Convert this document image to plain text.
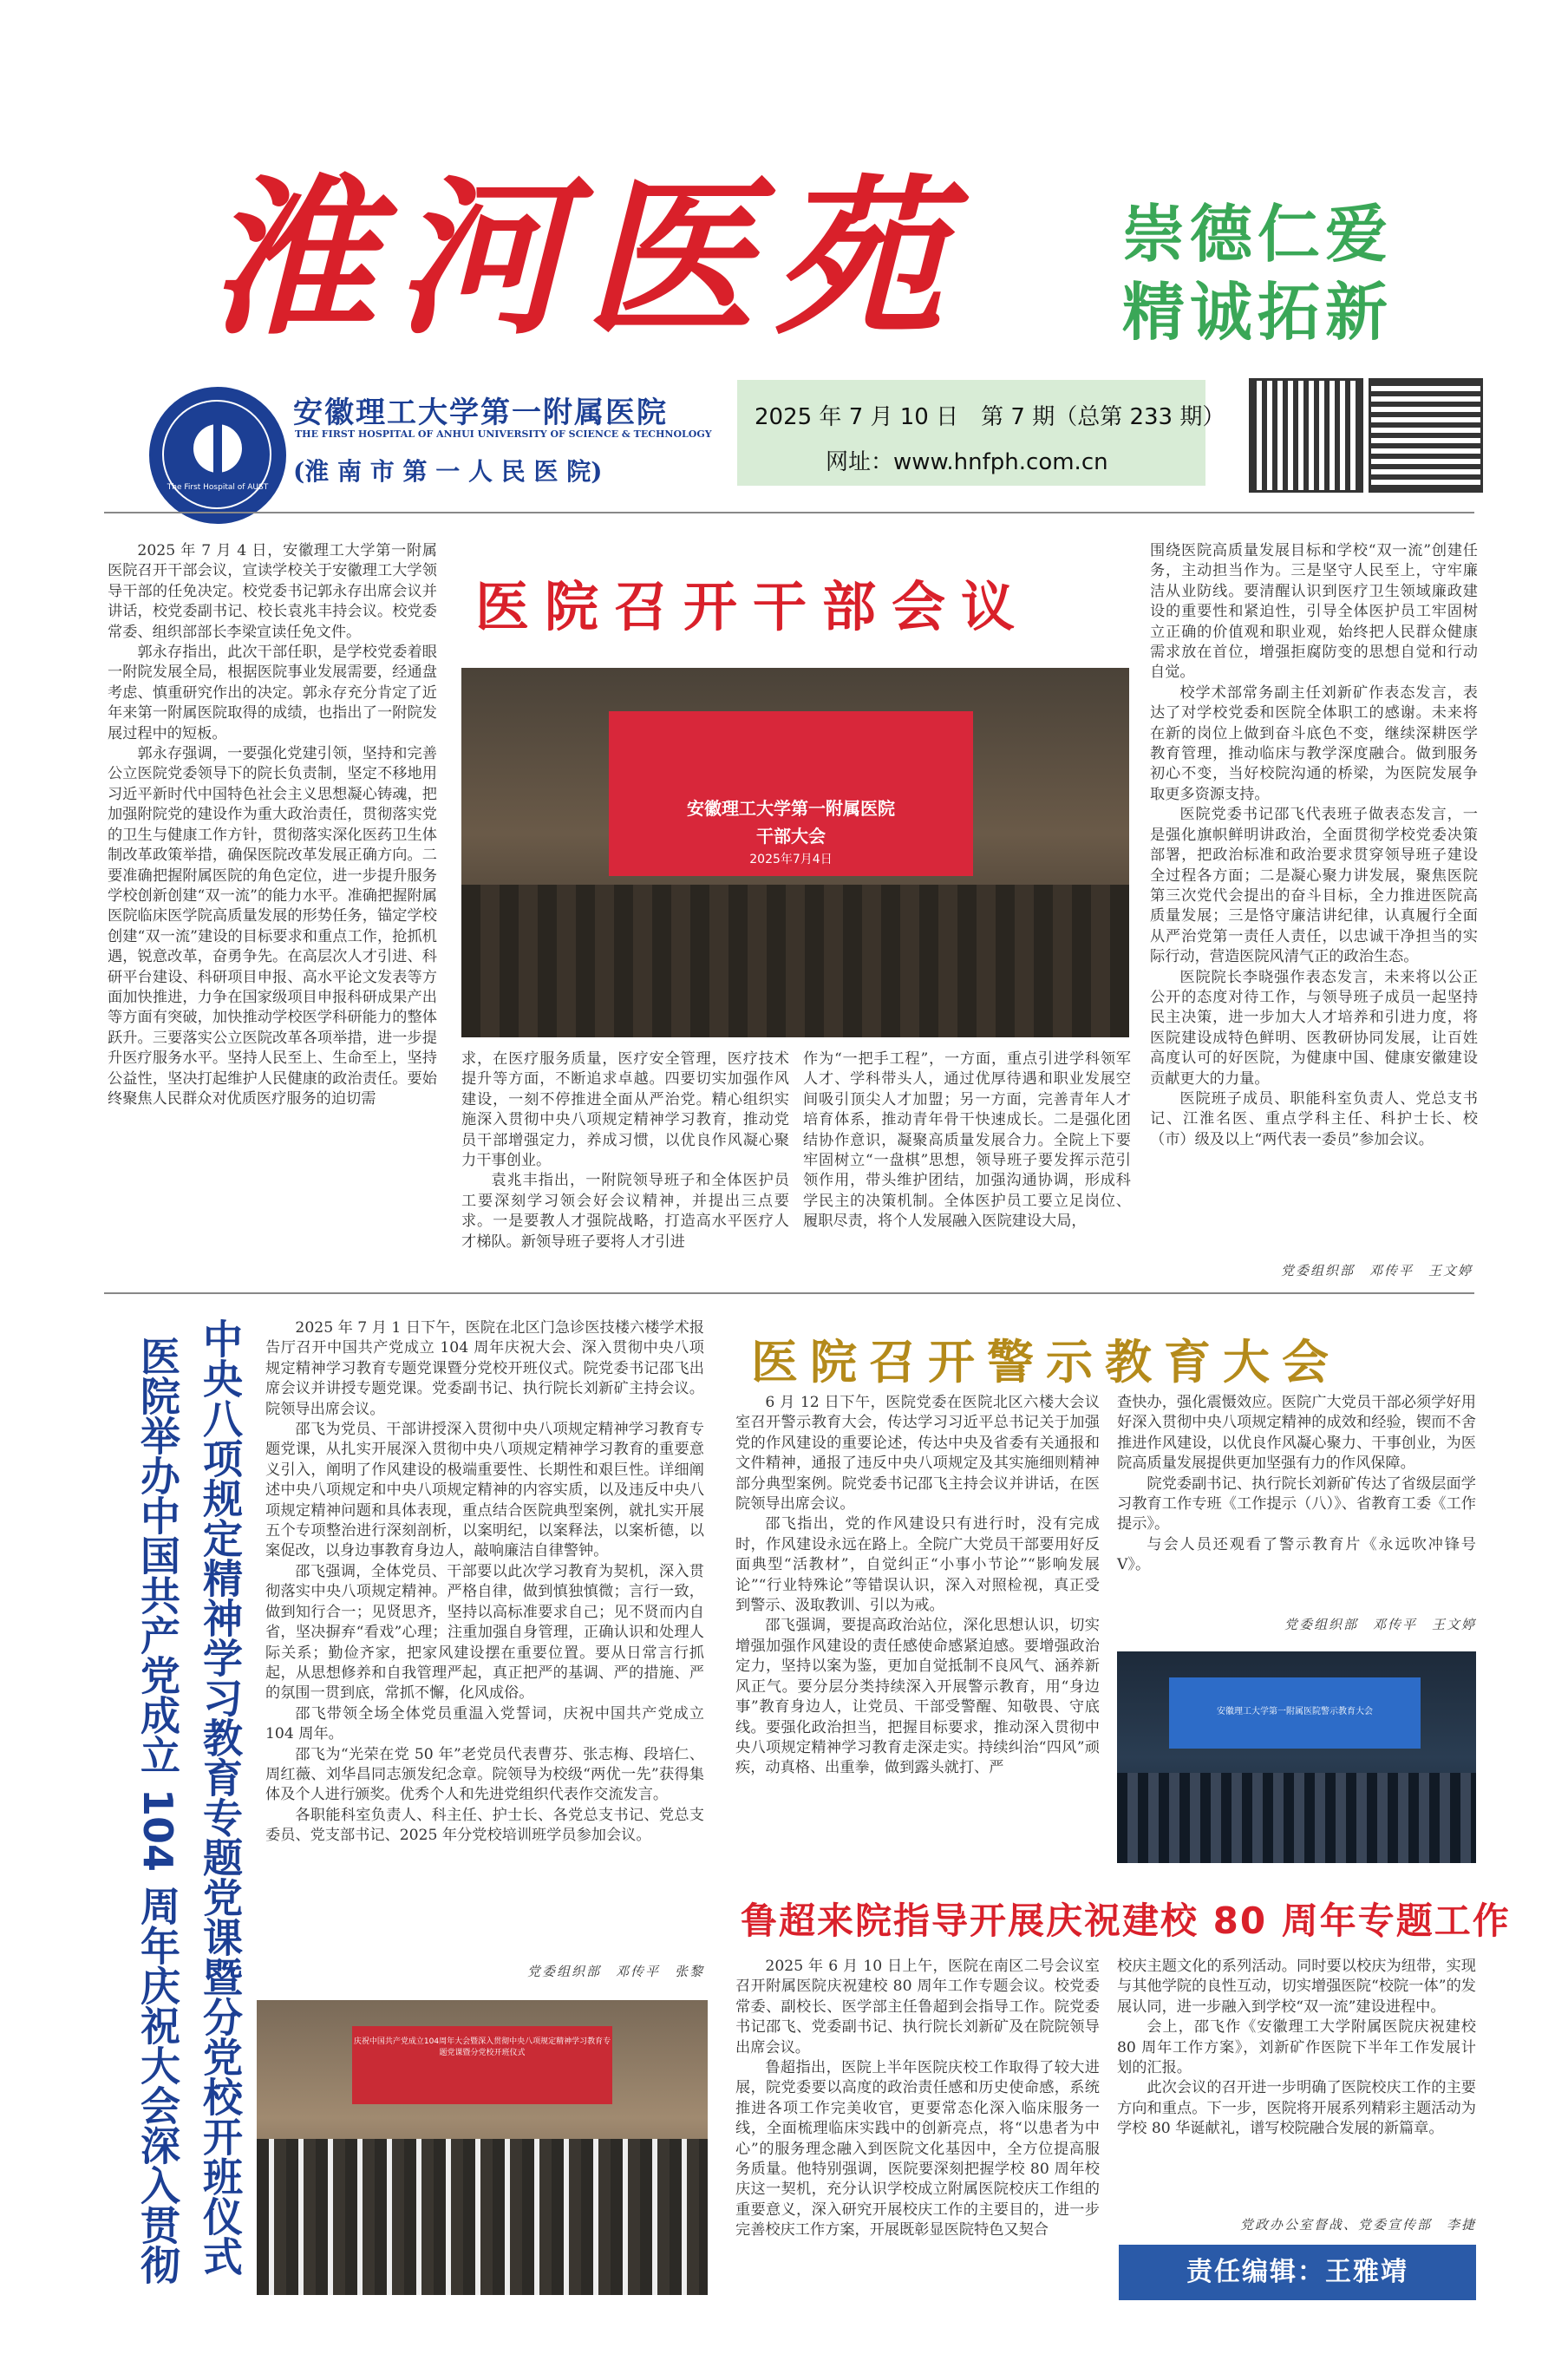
淮河医苑	崇德仁爱
精诚拓新
The First Hospital of AUST
安徽理工大学第一附属医院
THE FIRST HOSPITAL OF ANHUI UNIVERSITY OF SCIENCE & TECHNOLOGY
(淮 南 市 第 一 人 民 医 院)
2025 年 7 月 10 日　第 7 期（总第 233 期）
网址：www.hnfph.com.cn

2025 年 7 月 4 日，安徽理工大学第一附属医院召开干部会议，宣读学校关于安徽理工大学领导干部的任免决定。校党委书记郭永存出席会议并讲话，校党委副书记、校长袁兆丰持会议。校党委常委、组织部部长李梁宣读任免文件。

郭永存指出，此次干部任职，是学校党委着眼一附院发展全局，根据医院事业发展需要，经通盘考虑、慎重研究作出的决定。郭永存充分肯定了近年来第一附属医院取得的成绩，也指出了一附院发展过程中的短板。

郭永存强调，一要强化党建引领，坚持和完善公立医院党委领导下的院长负责制，坚定不移地用习近平新时代中国特色社会主义思想凝心铸魂，把加强附院党的建设作为重大政治责任，贯彻落实党的卫生与健康工作方针，贯彻落实深化医药卫生体制改革政策举措，确保医院改革发展正确方向。二要准确把握附属医院的角色定位，进一步提升服务学校创新创建“双一流”的能力水平。准确把握附属医院临床医学院高质量发展的形势任务，锚定学校创建“双一流”建设的目标要求和重点工作，抢抓机遇，锐意改革，奋勇争先。在高层次人才引进、科研平台建设、科研项目申报、高水平论文发表等方面加快推进，力争在国家级项目申报科研成果产出等方面有突破，加快推动学校医学科研能力的整体跃升。三要落实公立医院改革各项举措，进一步提升医疗服务水平。坚持人民至上、生命至上，坚持公益性，坚决打起维护人民健康的政治责任。要始终聚焦人民群众对优质医疗服务的迫切需

医院召开干部会议
安徽理工大学第一附属医院
干部大会
2025年7月4日

求，在医疗服务质量，医疗安全管理，医疗技术提升等方面，不断追求卓越。四要切实加强作风建设，一刻不停推进全面从严治党。精心组织实施深入贯彻中央八项规定精神学习教育，推动党员干部增强定力，养成习惯，以优良作风凝心聚力干事创业。

袁兆丰指出，一附院领导班子和全体医护员工要深刻学习领会好会议精神，并提出三点要求。一是要教人才强院战略，打造高水平医疗人才梯队。新领导班子要将人才引进

作为“一把手工程”，一方面，重点引进学科领军人才、学科带头人，通过优厚待遇和职业发展空间吸引顶尖人才加盟；另一方面，完善青年人才培育体系，推动青年骨干快速成长。二是强化团结协作意识，凝聚高质量发展合力。全院上下要牢固树立“一盘棋”思想，领导班子要发挥示范引领作用，带头维护团结，加强沟通协调，形成科学民主的决策机制。全体医护员工要立足岗位、履职尽责，将个人发展融入医院建设大局，

围绕医院高质量发展目标和学校“双一流”创建任务，主动担当作为。三是坚守人民至上，守牢廉洁从业防线。要清醒认识到医疗卫生领域廉政建设的重要性和紧迫性，引导全体医护员工牢固树立正确的价值观和职业观，始终把人民群众健康需求放在首位，增强拒腐防变的思想自觉和行动自觉。

校学术部常务副主任刘新矿作表态发言，表达了对学校党委和医院全体职工的感谢。未来将在新的岗位上做到奋斗底色不变，继续深耕医学教育管理，推动临床与教学深度融合。做到服务初心不变，当好校院沟通的桥梁，为医院发展争取更多资源支持。

医院党委书记邵飞代表班子做表态发言，一是强化旗帜鲜明讲政治，全面贯彻学校党委决策部署，把政治标准和政治要求贯穿领导班子建设全过程各方面；二是凝心聚力讲发展，聚焦医院第三次党代会提出的奋斗目标，全力推进医院高质量发展；三是恪守廉洁讲纪律，认真履行全面从严治党第一责任人责任，以忠诚干净担当的实际行动，营造医院风清气正的政治生态。

医院院长李晓强作表态发言，未来将以公正公开的态度对待工作，与领导班子成员一起坚持民主决策，进一步加大人才培养和引进力度，将医院建设成特色鲜明、医教研协同发展，让百姓高度认可的好医院，为健康中国、健康安徽建设贡献更大的力量。

医院班子成员、职能科室负责人、党总支书记、江淮名医、重点学科主任、科护士长、校（市）级及以上“两代表一委员”参加会议。

党委组织部　邓传平　王文婷
中央八项规定精神学习教育专题党课暨分党校开班仪式
医院举办中国共产党成立 104 周年庆祝大会深入贯彻

2025 年 7 月 1 日下午，医院在北区门急诊医技楼六楼学术报告厅召开中国共产党成立 104 周年庆祝大会、深入贯彻中央八项规定精神学习教育专题党课暨分党校开班仪式。院党委书记邵飞出席会议并讲授专题党课。党委副书记、执行院长刘新矿主持会议。院领导出席会议。

邵飞为党员、干部讲授深入贯彻中央八项规定精神学习教育专题党课，从扎实开展深入贯彻中央八项规定精神学习教育的重要意义引入，阐明了作风建设的极端重要性、长期性和艰巨性。详细阐述中央八项规定和中央八项规定精神的内容实质，以及违反中央八项规定精神问题和具体表现，重点结合医院典型案例，就扎实开展五个专项整治进行深刻剖析，以案明纪，以案释法，以案析德，以案促改，以身边事教育身边人，敲响廉洁自律警钟。

邵飞强调，全体党员、干部要以此次学习教育为契机，深入贯彻落实中央八项规定精神。严格自律，做到慎独慎微；言行一致，做到知行合一；见贤思齐，坚持以高标准要求自己；见不贤而内自省，坚决摒弃“看戏”心理；注重加强自身管理，正确认识和处理人际关系；勤俭齐家，把家风建设摆在重要位置。要从日常言行抓起，从思想修养和自我管理严起，真正把严的基调、严的措施、严的氛围一贯到底，常抓不懈，化风成俗。

邵飞带领全场全体党员重温入党誓词，庆祝中国共产党成立 104 周年。

邵飞为“光荣在党 50 年”老党员代表曹芬、张志梅、段培仁、周红薇、刘华昌同志颁发纪念章。院领导为校级“两优一先”获得集体及个人进行颁奖。优秀个人和先进党组织代表作交流发言。

各职能科室负责人、科主任、护士长、各党总支书记、党总支委员、党支部书记、2025 年分党校培训班学员参加会议。

党委组织部　邓传平　张黎
庆祝中国共产党成立104周年大会暨深入贯彻中央八项规定精神学习教育专题党课暨分党校开班仪式
医院召开警示教育大会

6 月 12 日下午，医院党委在医院北区六楼大会议室召开警示教育大会，传达学习习近平总书记关于加强党的作风建设的重要论述，传达中央及省委有关通报和文件精神，通报了违反中央八项规定及其实施细则精神部分典型案例。院党委书记邵飞主持会议并讲话，在医院领导出席会议。

邵飞指出，党的作风建设只有进行时，没有完成时，作风建设永远在路上。全院广大党员干部要用好反面典型“活教材”，自觉纠正“小事小节论”“影响发展论”“行业特殊论”等错误认识，深入对照检视，真正受到警示、汲取教训、引以为戒。

邵飞强调，要提高政治站位，深化思想认识，切实增强加强作风建设的责任感使命感紧迫感。要增强政治定力，坚持以案为鉴，更加自觉抵制不良风气、涵养新风正气。要分层分类持续深入开展警示教育，用“身边事”教育身边人，让党员、干部受警醒、知敬畏、守底线。要强化政治担当，把握目标要求，推动深入贯彻中央八项规定精神学习教育走深走实。持续纠治“四风”顽疾，动真格、出重拳，做到露头就打、严

查快办，强化震慑效应。医院广大党员干部必须学好用好深入贯彻中央八项规定精神的成效和经验，锲而不舍推进作风建设，以优良作风凝心聚力、干事创业，为医院高质量发展提供更加坚强有力的作风保障。

院党委副书记、执行院长刘新矿传达了省级层面学习教育工作专班《工作提示（八）》、省教育工委《工作提示》。

与会人员还观看了警示教育片《永远吹冲锋号 V》。

党委组织部　邓传平　王文婷
安徽理工大学第一附属医院警示教育大会
鲁超来院指导开展庆祝建校 80 周年专题工作

2025 年 6 月 10 日上午，医院在南区二号会议室召开附属医院庆祝建校 80 周年工作专题会议。校党委常委、副校长、医学部主任鲁超到会指导工作。院党委书记邵飞、党委副书记、执行院长刘新矿及在院院领导出席会议。

鲁超指出，医院上半年医院庆校工作取得了较大进展，院党委要以高度的政治责任感和历史使命感，系统推进各项工作完美收官，更要常态化深入临床服务一线，全面梳理临床实践中的创新亮点，将“以患者为中心”的服务理念融入到医院文化基因中，全方位提高服务质量。他特别强调，医院要深刻把握学校 80 周年校庆这一契机，充分认识学校成立附属医院校庆工作组的重要意义，深入研究开展校庆工作的主要目的，进一步完善校庆工作方案，开展既彰显医院特色又契合

校庆主题文化的系列活动。同时要以校庆为纽带，实现与其他学院的良性互动，切实增强医院“校院一体”的发展认同，进一步融入到学校“双一流”建设进程中。

会上，邵飞作《安徽理工大学附属医院庆祝建校 80 周年工作方案》，刘新矿作医院下半年工作发展计划的汇报。

此次会议的召开进一步明确了医院校庆工作的主要方向和重点。下一步，医院将开展系列精彩主题活动为学校 80 华诞献礼，谱写校院融合发展的新篇章。

党政办公室督战、党委宣传部　李捷
责任编辑：王雅靖
